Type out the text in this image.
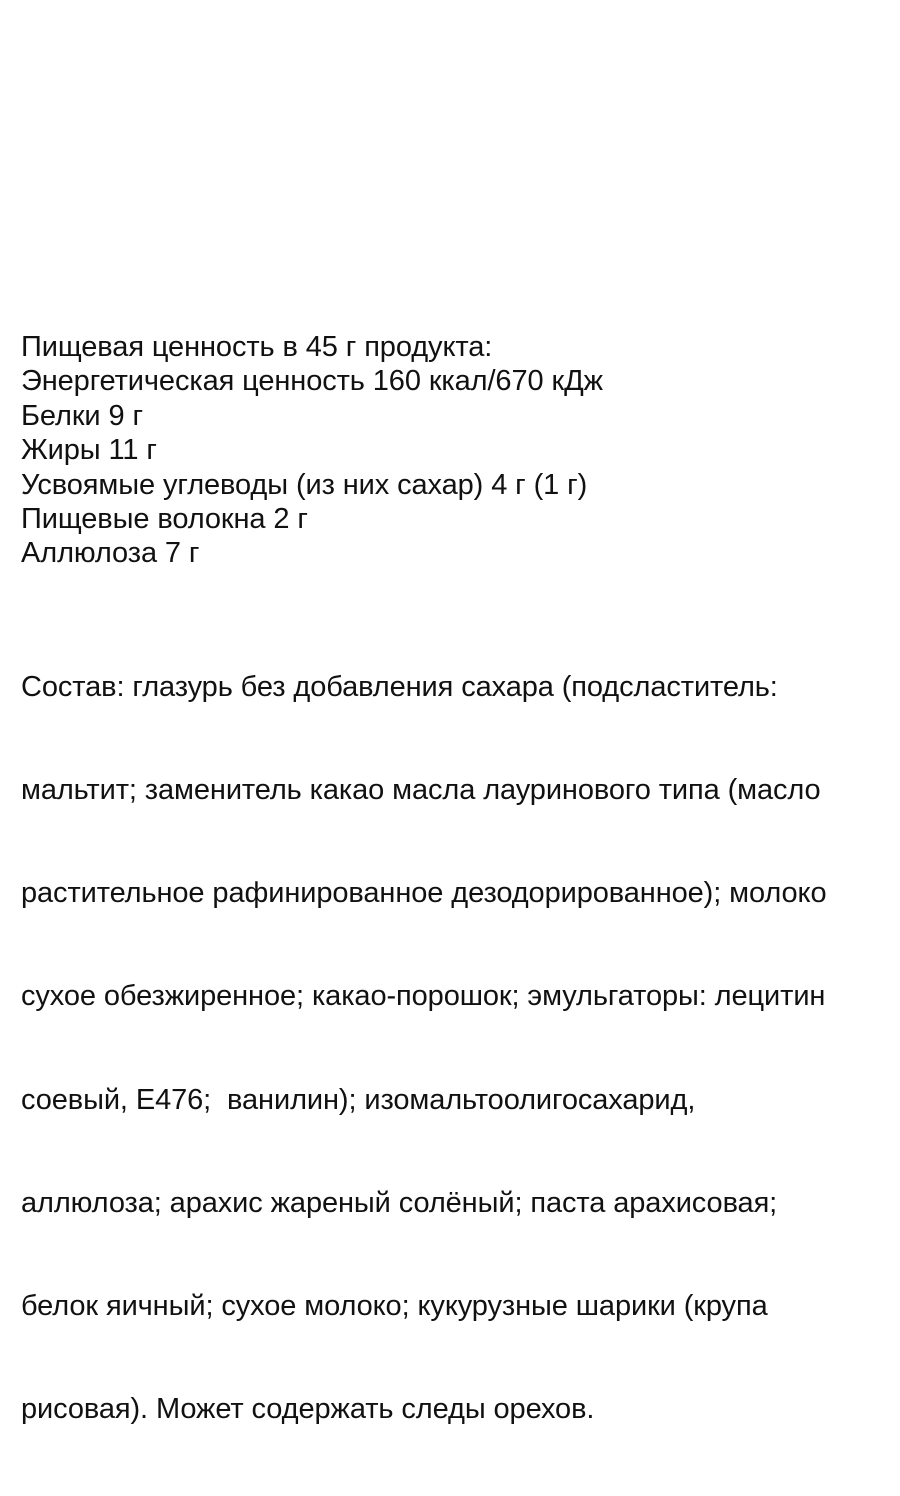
Пищевая ценность в 45 г продукта:
Энергетическая ценность 160 ккал/670 кДж
Белки 9 г
Жиры 11 г
Усвоямые углеводы (из них сахар) 4 г (1 г)
Пищевые волокна 2 г
Аллюлоза 7 г

Состав: глазурь без добавления сахара (подсластитель:

мальтит; заменитель какао масла лауринового типа (масло

растительное рафинированное дезодорированное); молоко

сухое обезжиренное; какао-порошок; эмульгаторы: лецитин

соевый, Е476;  ванилин); изомальтоолигосахарид,

аллюлоза; арахис жареный солёный; паста арахисовая;

белок яичный; сухое молоко; кукурузные шарики (крупа

рисовая). Может содержать следы орехов.
